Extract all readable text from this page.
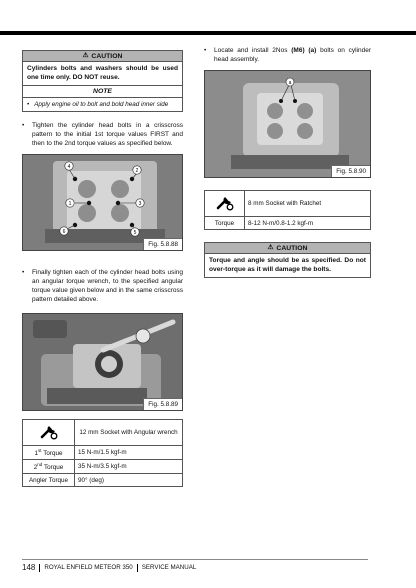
⚠ CAUTION
Cylinders bolts and washers should be used one time only. DO NOT reuse.
NOTE
• Apply engine oil to bolt and bold head inner side
• Tighten the cylinder head bolts in a crisscross pattern to the initial 1st torque values FIRST and then to the 2nd torque values as specified below.
4
2
1	3
6	5
Fig. 5.8.88
• Finally tighten each of the cylinder head bolts using an angular torque wrench, to the specified angular torque value given below and in the same crisscross pattern detailed above.
Fig. 5.8.89
	12 mm Socket with Angular wrench
1st Torque	15 N-m/1.5 kgf-m
2nd Torque	35 N-m/3.5 kgf-m
Angler Torque	90° (deg)
• Locate and install 2Nos (M6) (a) bolts on cylinder head assembly.
a
Fig. 5.8.90
	8 mm Socket with Ratchet
Torque	8-12 N-m/0.8-1.2 kgf-m
⚠ CAUTION
Torque and angle should be as specified. Do not over-torque as it will damage the bolts.
148 ROYAL ENFIELD METEOR 350 SERVICE MANUAL
